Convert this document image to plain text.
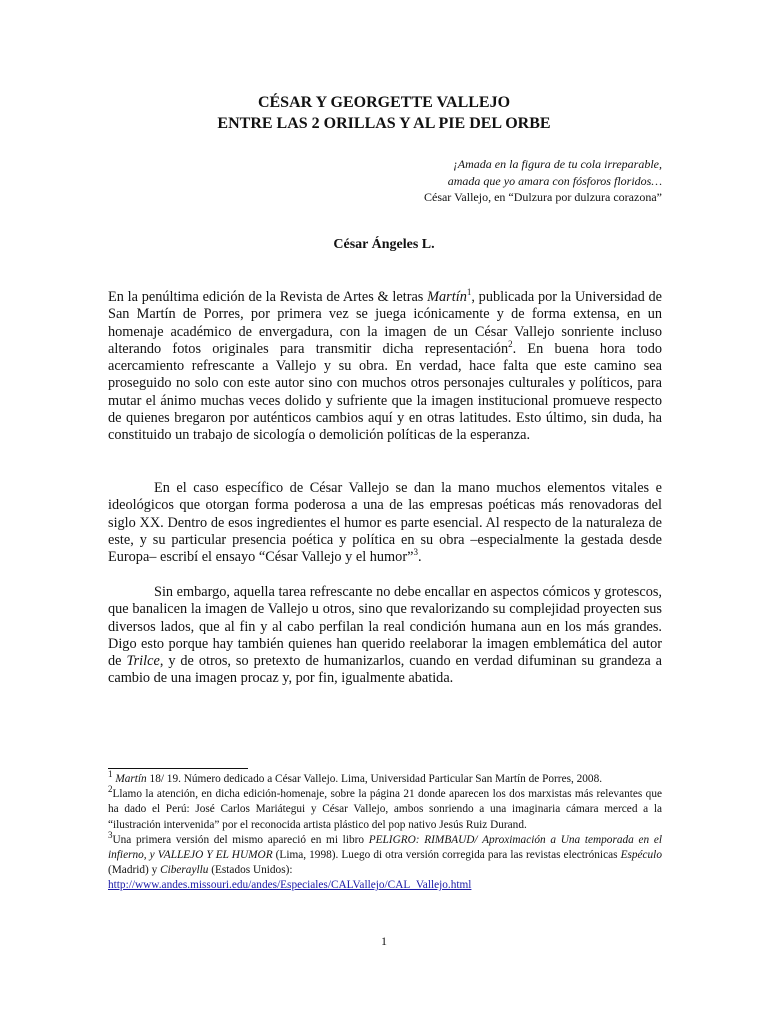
CÉSAR Y GEORGETTE VALLEJO
ENTRE LAS 2 ORILLAS Y AL PIE DEL ORBE
¡Amada en la figura de tu cola irreparable,
amada que yo amara con fósforos floridos…
César Vallejo, en “Dulzura por dulzura corazona”
César Ángeles L.

En la penúltima edición de la Revista de Artes & letras Martín$^1$, publicada por la Universidad de San Martín de Porres, por primera vez se juega icónicamente y de forma extensa, en un homenaje académico de envergadura, con la imagen de un César Vallejo sonriente incluso alterando fotos originales para transmitir dicha representación$^2$. En buena hora todo acercamiento refrescante a Vallejo y su obra. En verdad, hace falta que este camino sea proseguido no solo con este autor sino con muchos otros personajes culturales y políticos, para mutar el ánimo muchas veces dolido y sufriente que la imagen institucional promueve respecto de quienes bregaron por auténticos cambios aquí y en otras latitudes. Esto último, sin duda, ha constituido un trabajo de sicología o demolición políticas de la esperanza.

En el caso específico de César Vallejo se dan la mano muchos elementos vitales e ideológicos que otorgan forma poderosa a una de las empresas poéticas más renovadoras del siglo XX. Dentro de esos ingredientes el humor es parte esencial. Al respecto de la naturaleza de este, y su particular presencia poética y política en su obra –especialmente la gestada desde Europa– escribí el ensayo “César Vallejo y el humor”$^3$.

Sin embargo, aquella tarea refrescante no debe encallar en aspectos cómicos y grotescos, que banalicen la imagen de Vallejo u otros, sino que revalorizando su complejidad proyecten sus diversos lados, que al fin y al cabo perfilan la real condición humana aun en los más grandes. Digo esto porque hay también quienes han querido reelaborar la imagen emblemática del autor de Trilce, y de otros, so pretexto de humanizarlos, cuando en verdad difuminan su grandeza a cambio de una imagen procaz y, por fin, igualmente abatida.

$^1$ Martín 18/ 19. Número dedicado a César Vallejo. Lima, Universidad Particular San Martín de Porres, 2008.

$^2$Llamo la atención, en dicha edición-homenaje, sobre la página 21 donde aparecen los dos marxistas más relevantes que ha dado el Perú: José Carlos Mariátegui y César Vallejo, ambos sonriendo a una imaginaria cámara merced a la “ilustración intervenida” por el reconocida artista plástico del pop nativo Jesús Ruiz Durand.

$^3$Una primera versión del mismo apareció en mi libro PELIGRO: RIMBAUD/ Aproximación a Una temporada en el infierno, y VALLEJO Y EL HUMOR (Lima, 1998). Luego di otra versión corregida para las revistas electrónicas Espéculo (Madrid) y Ciberayllu (Estados Unidos):
http://www.andes.missouri.edu/andes/Especiales/CALVallejo/CAL_Vallejo.html

1
